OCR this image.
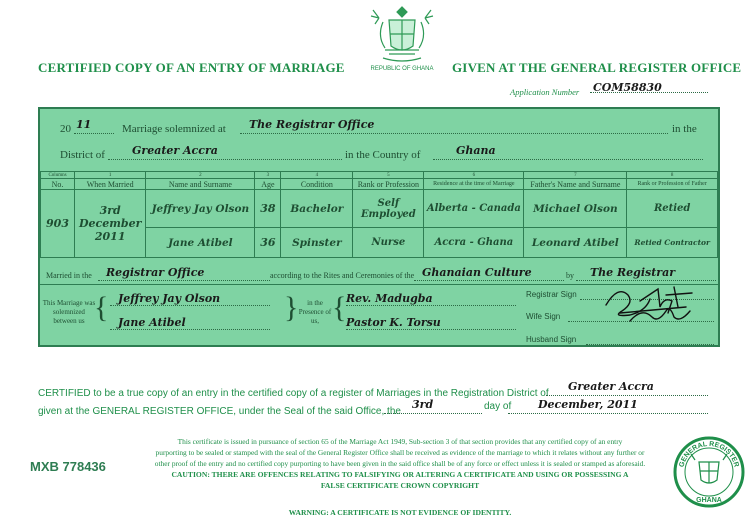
REPUBLIC OF GHANA
CERTIFIED COPY OF AN ENTRY OF MARRIAGE	GIVEN AT THE GENERAL REGISTER OFFICE
Application Number COM58830
20 11	Marriage solemnized at The Registrar Office	in the
District of Greater Accra	in the Country of	Ghana
Columns	1	2	3	4	5	6	7	8
No.	When Married	Name and Surname	Age	Condition	Rank or Profession	Residence at the time of Marriage	Father's Name and Surname	Rank or Profession of Father
903	3rd December 2011	Jeffrey Jay Olson	38	Bachelor	Self Employed	Alberta - Canada	Michael Olson	Retied
		Jane Atibel	36	Spinster	Nurse	Accra - Ghana	Leonard Atibel	Retied Contractor
Married in the Registrar Office	according to the Rites and Ceremonies of the Ghanaian Culture	by The Registrar
This Marriage was solemnized between us { Jeffrey Jay Olson
Jane Atibel	}	in the Presence of us, { Rev. Madugba
Pastor K. Torsu
Registrar Sign
Wife Sign
Husband Sign
CERTIFIED to be a true copy of an entry in the certified copy of a register of Marriages in the Registration District of
Greater Accra
given at the GENERAL REGISTER OFFICE, under the Seal of the said Office, the
3rd	day of December, 2011
MXB 778436

This certificate is issued in pursuance of section 65 of the Marriage Act 1949, Sub-section 3 of that section provides that any certified copy of an entry

purporting to be sealed or stamped with the seal of the General Register Office shall be received as evidence of the marriage to which it relates without any further or

other proof of the entry and no certified copy purporting to have been given in the said office shall be of any force or effect unless it is sealed or stamped as aforesaid.

CAUTION: THERE ARE OFFENCES RELATING TO FALSIFYING OR ALTERING A CERTIFICATE AND USING OR POSSESSING A

FALSE CERTIFICATE CROWN COPYRIGHT

WARNING: A CERTIFICATE IS NOT EVIDENCE OF IDENTITY.
GENERAL REGISTER
GHANA
